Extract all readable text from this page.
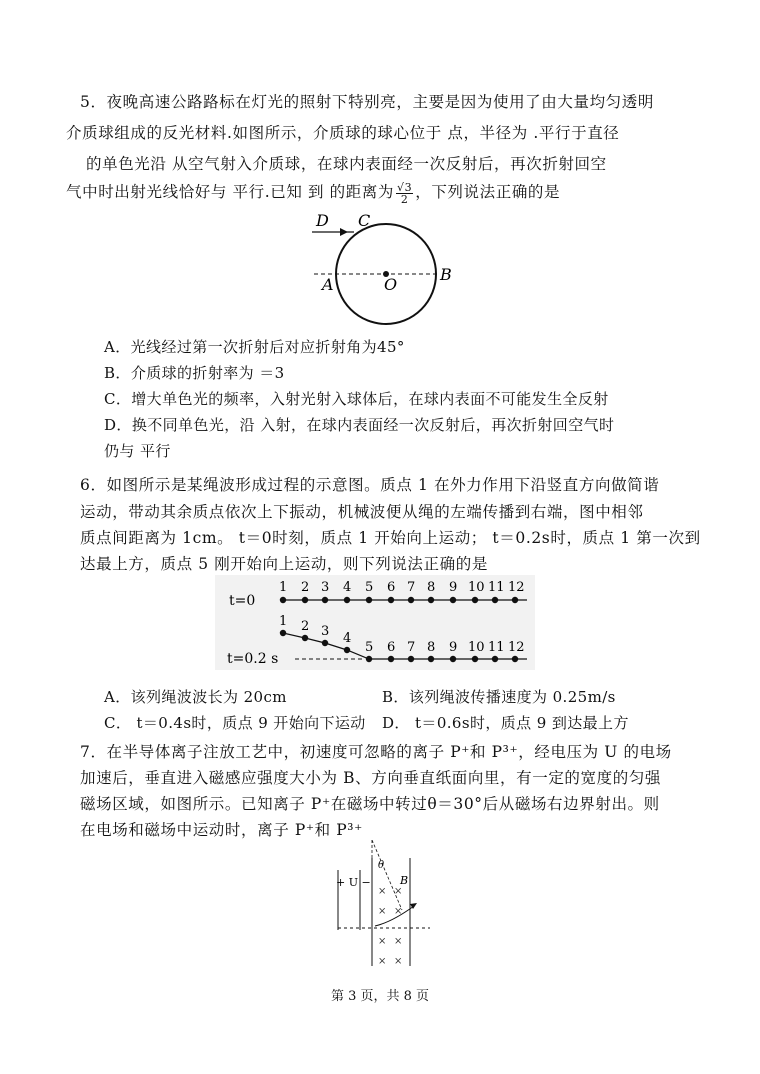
5．夜晚高速公路路标在灯光的照射下特别亮，主要是因为使用了由大量均匀透明
介质球组成的反光材料.如图所示，介质球的球心位于 点，半径为 .平行于直径
的单色光沿 从空气射入介质球，在球内表面经一次反射后，再次折射回空
气中时出射光线恰好与 平行.已知 到 的距离为 $\frac{√3}{2}$ ，下列说法正确的是
D C
A	O
B
A．光线经过第一次折射后对应折射角为45°
B．介质球的折射率为 ＝3
C．增大单色光的频率，入射光射入球体后，在球内表面不可能发生全反射
D．换不同单色光，沿 入射，在球内表面经一次反射后，再次折射回空气时
仍与 平行
6．如图所示是某绳波形成过程的示意图。质点 1 在外力作用下沿竖直方向做简谐
运动，带动其余质点依次上下振动，机械波便从绳的左端传播到右端，图中相邻
质点间距离为 1cm。 t＝0时刻，质点 1 开始向上运动； t＝0.2s时，质点 1 第一次到
达最上方，质点 5 刚开始向上运动，则下列说法正确的是
t=0
t=0.2 s
1
1
2
2
3
3
4
4
5
5
6
6
7
7
8
8
9
9
10
10
11
11
12
12
A．该列绳波波长为 20cm	B．该列绳波传播速度为 0.25m/s
C． t＝0.4s时，质点 9 开始向下运动 D． t＝0.6s时，质点 9 到达最上方
7．在半导体离子注放工艺中，初速度可忽略的离子 P⁺和 P³⁺，经电压为 U 的电场
加速后，垂直进入磁感应强度大小为 B、方向垂直纸面向里，有一定的宽度的匀强
磁场区域，如图所示。已知离子 P⁺在磁场中转过θ＝30°后从磁场右边界射出。则
在电场和磁场中运动时，离子 P⁺和 P³⁺
θ
+ U −	B
× ×
× ×
× ×
× ×
第 3 页，共 8 页
